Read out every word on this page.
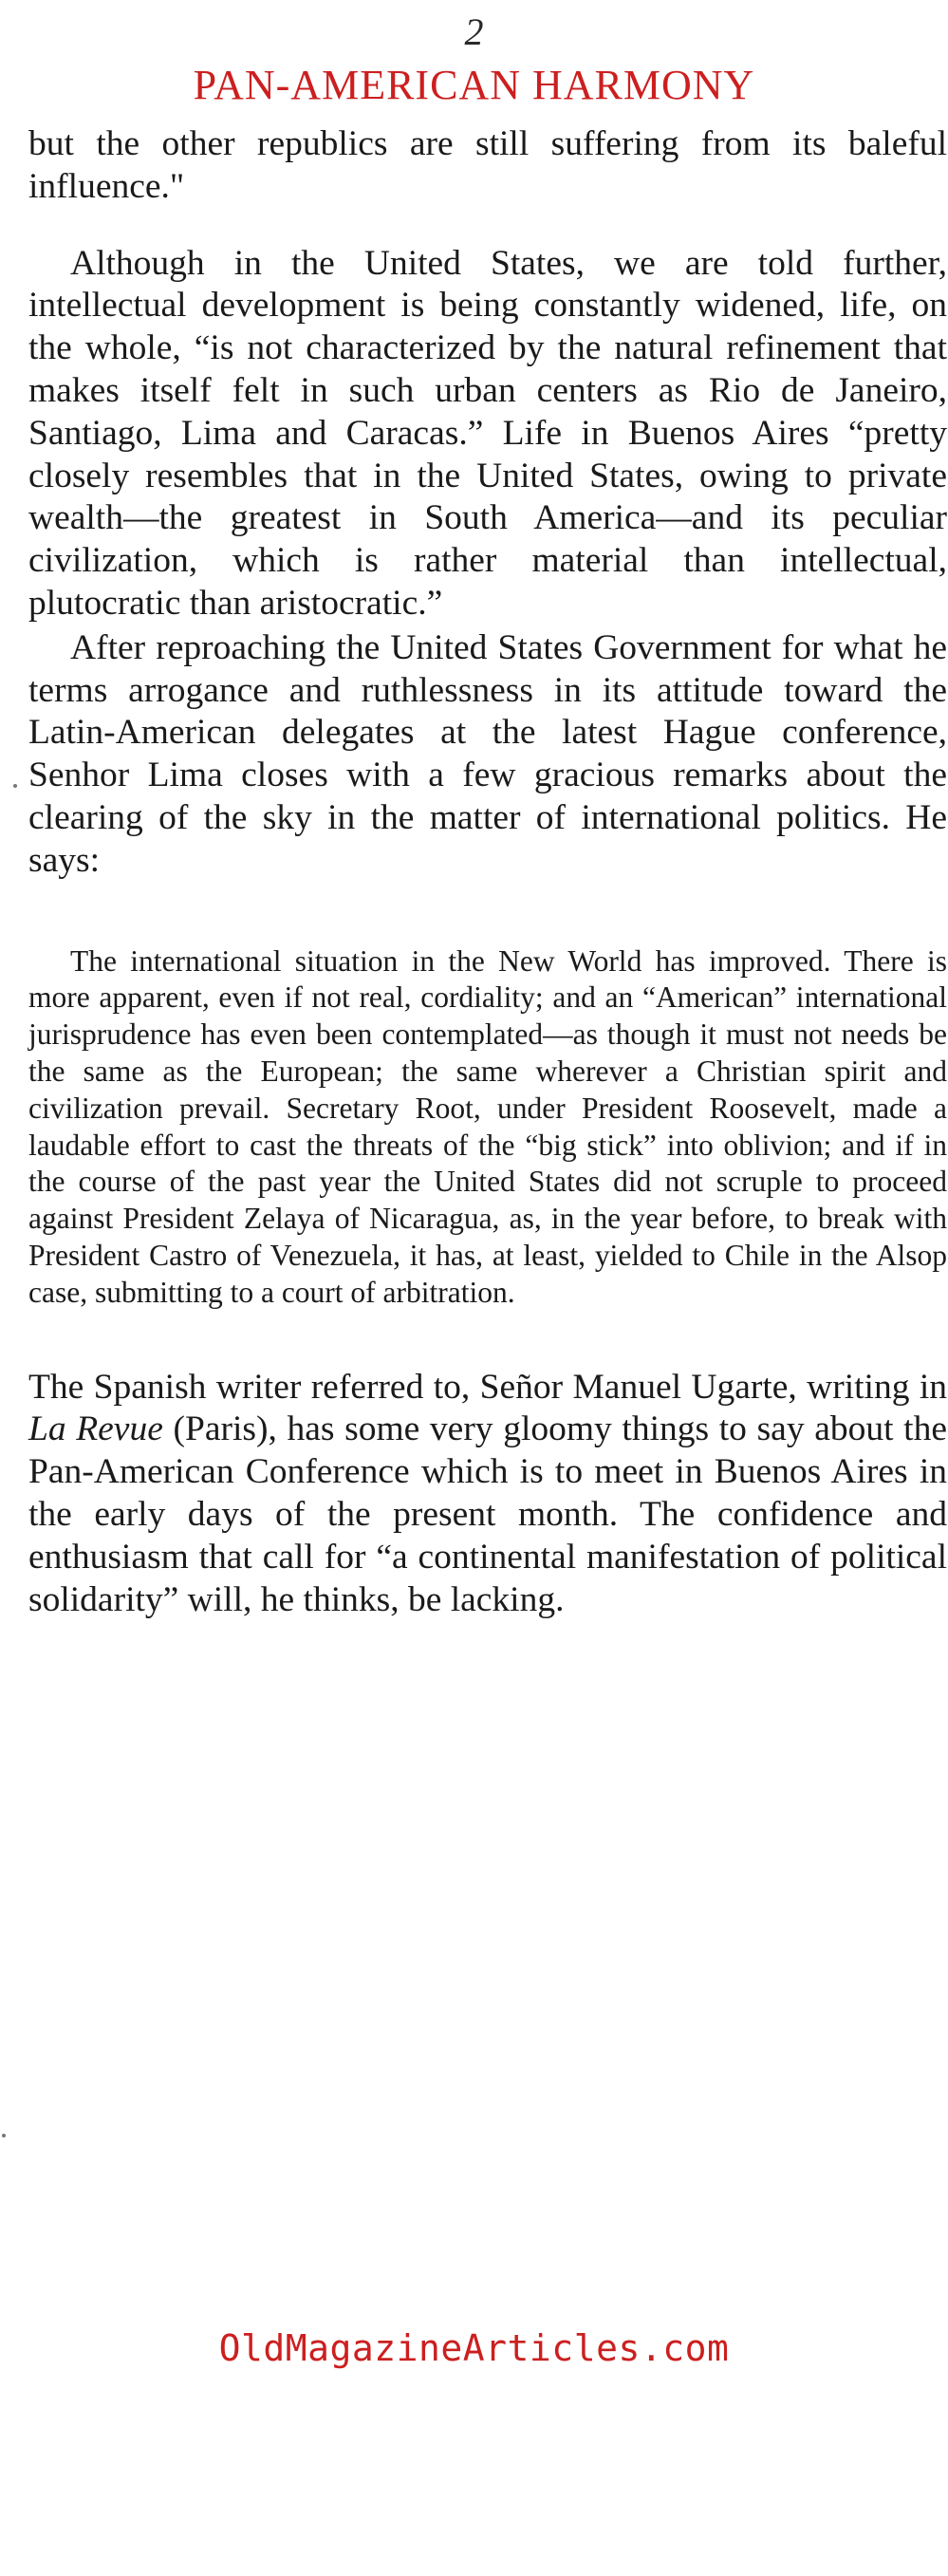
2
PAN-AMERICAN HARMONY

but the other republics are still suffering from its baleful influence."

Although in the United States, we are told further, intellectual development is being constantly widened, life, on the whole, “is not characterized by the natural refinement that makes itself felt in such urban centers as Rio de Janeiro, Santiago, Lima and Caracas.” Life in Buenos Aires “pretty closely resembles that in the United States, owing to private wealth—the greatest in South America—and its peculiar civilization, which is rather material than intellectual, plutocratic than aristocratic.”

After reproaching the United States Government for what he terms arrogance and ruthlessness in its attitude toward the Latin-American delegates at the latest Hague conference, Senhor Lima closes with a few gracious remarks about the clearing of the sky in the matter of international politics. He says:

The international situation in the New World has improved. There is more apparent, even if not real, cordiality; and an “American” international jurisprudence has even been contemplated—as though it must not needs be the same as the European; the same wherever a Christian spirit and civilization prevail. Secretary Root, under President Roosevelt, made a laudable effort to cast the threats of the “big stick” into oblivion; and if in the course of the past year the United States did not scruple to proceed against President Zelaya of Nicaragua, as, in the year before, to break with President Castro of Venezuela, it has, at least, yielded to Chile in the Alsop case, submitting to a court of arbitration.

The Spanish writer referred to, Señor Manuel Ugarte, writing in La Revue (Paris), has some very gloomy things to say about the Pan-American Conference which is to meet in Buenos Aires in the early days of the present month. The confidence and enthusiasm that call for “a continental manifestation of political solidarity” will, he thinks, be lacking.

OldMagazineArticles.com
